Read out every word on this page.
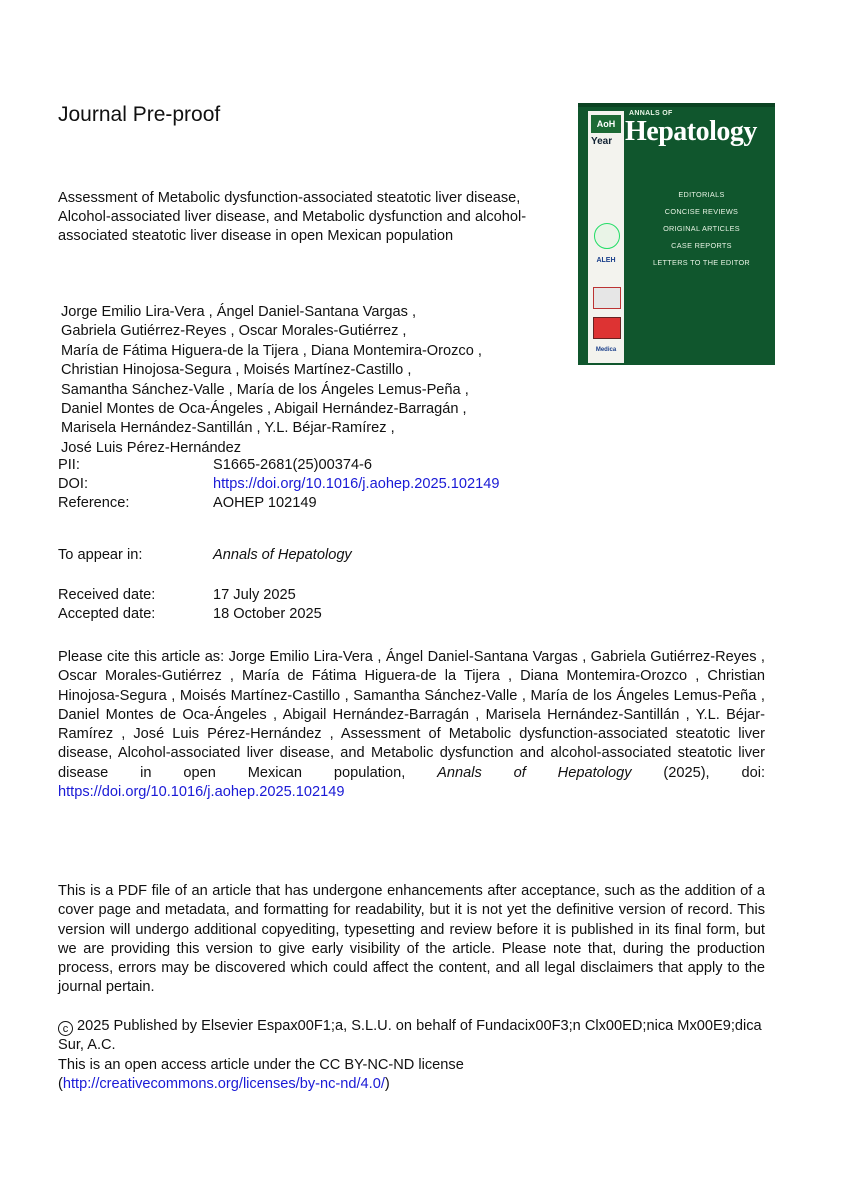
Journal Pre-proof	AoH
Year
ALEH
Medica
ANNALS OF
Hepatology
EDITORIALS
CONCISE REVIEWS
ORIGINAL ARTICLES
CASE REPORTS
LETTERS TO THE EDITOR
Assessment of Metabolic dysfunction-associated steatotic liver disease, Alcohol-associated liver disease, and Metabolic dysfunction and alcohol-associated steatotic liver disease in open Mexican population
Jorge Emilio Lira-Vera , Ángel Daniel-Santana Vargas ,
Gabriela Gutiérrez-Reyes , Oscar Morales-Gutiérrez ,
María de Fátima Higuera-de la Tijera , Diana Montemira-Orozco ,
Christian Hinojosa-Segura , Moisés Martínez-Castillo ,
Samantha Sánchez-Valle , María de los Ángeles Lemus-Peña ,
Daniel Montes de Oca-Ángeles , Abigail Hernández-Barragán ,
Marisela Hernández-Santillán , Y.L. Béjar-Ramírez ,
José Luis Pérez-Hernández
PII:	S1665-2681(25)00374-6
DOI:	https://doi.org/10.1016/j.aohep.2025.102149
Reference:	AOHEP 102149
To appear in:	Annals of Hepatology
Received date:	17 July 2025
Accepted date:	18 October 2025
Please cite this article as: Jorge Emilio Lira-Vera , Ángel Daniel-Santana Vargas , Gabriela Gutiérrez-Reyes , Oscar Morales-Gutiérrez , María de Fátima Higuera-de la Tijera , Diana Montemira-Orozco , Christian Hinojosa-Segura , Moisés Martínez-Castillo , Samantha Sánchez-Valle , María de los Ángeles Lemus-Peña , Daniel Montes de Oca-Ángeles , Abigail Hernández-Barragán , Marisela Hernández-Santillán , Y.L. Béjar-Ramírez , José Luis Pérez-Hernández , Assessment of Metabolic dysfunction-associated steatotic liver disease, Alcohol-associated liver disease, and Metabolic dysfunction and alcohol-associated steatotic liver disease in open Mexican population, Annals of Hepatology (2025), doi: https://doi.org/10.1016/j.aohep.2025.102149
This is a PDF file of an article that has undergone enhancements after acceptance, such as the addition of a cover page and metadata, and formatting for readability, but it is not yet the definitive version of record. This version will undergo additional copyediting, typesetting and review before it is published in its final form, but we are providing this version to give early visibility of the article. Please note that, during the production process, errors may be discovered which could affect the content, and all legal disclaimers that apply to the journal pertain.
c 2025 Published by Elsevier Espax00F1;a, S.L.U. on behalf of Fundacix00F3;n Clx00ED;nica Mx00E9;dica Sur, A.C.
This is an open access article under the CC BY-NC-ND license
(http://creativecommons.org/licenses/by-nc-nd/4.0/)
